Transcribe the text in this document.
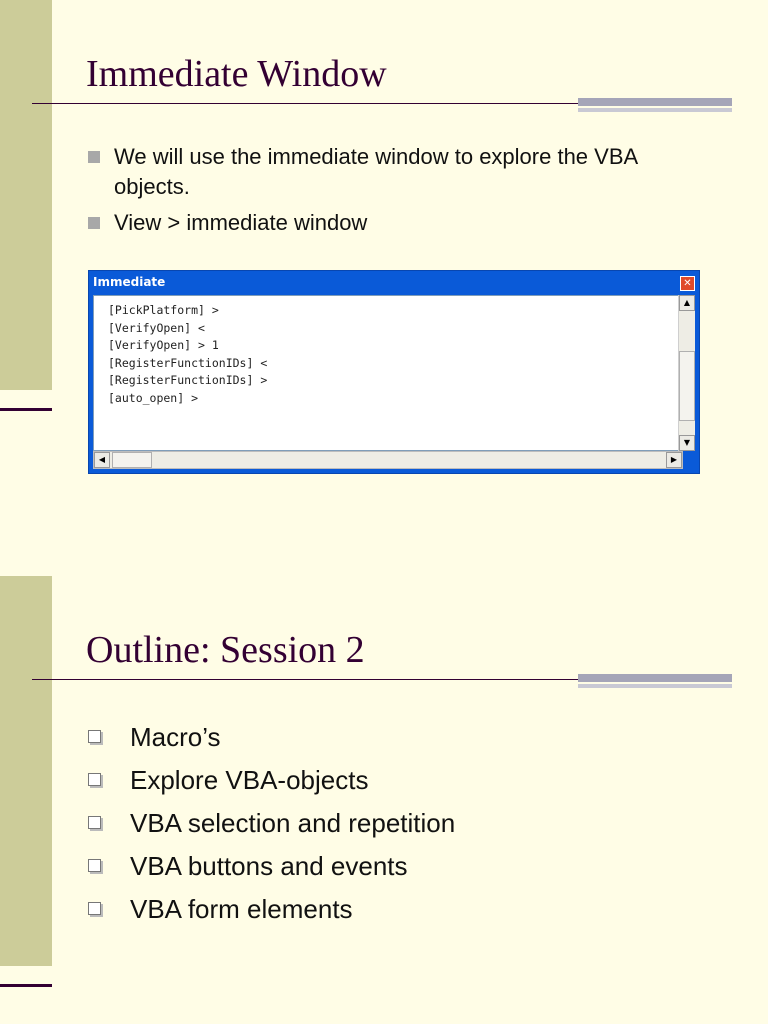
Immediate Window
We will use the immediate window to explore the VBA objects.
View > immediate window
Immediate	✕
[PickPlatform] >
[VerifyOpen] <
[VerifyOpen] > 1
[RegisterFunctionIDs] <
[RegisterFunctionIDs] >
[auto_open] >
▲
▼
◀	▶
Outline: Session 2
Macro’s
Explore VBA-objects
VBA selection and repetition
VBA buttons and events
VBA form elements
